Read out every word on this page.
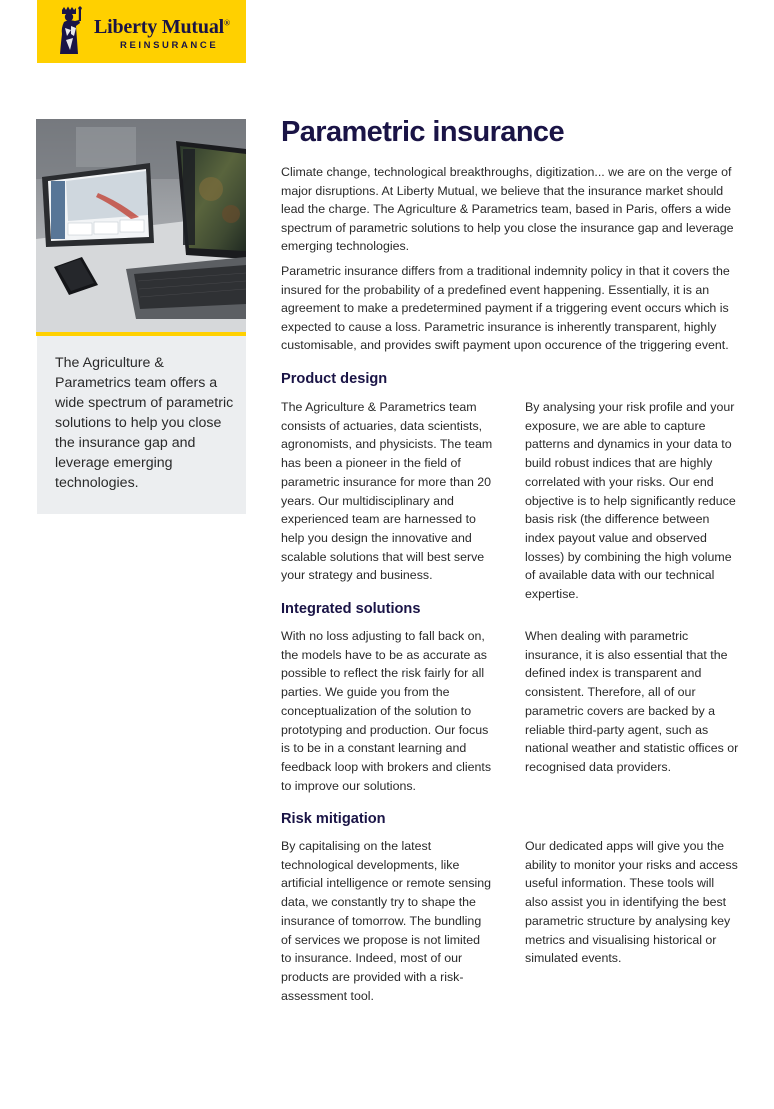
Liberty Mutual®
REINSURANCE

The Agriculture & Parametrics team offers a wide spectrum of parametric solutions to help you close the insurance gap and leverage emerging technologies.

Parametric insurance

Climate change, technological breakthroughs, digitization... we are on the verge of major disruptions. At Liberty Mutual, we believe that the insurance market should lead the charge. The Agriculture & Parametrics team, based in Paris, offers a wide spectrum of parametric solutions to help you close the insurance gap and leverage emerging technologies.

Parametric insurance differs from a traditional indemnity policy in that it covers the insured for the probability of a predefined event happening. Essentially, it is an agreement to make a predetermined payment if a triggering event occurs which is expected to cause a loss. Parametric insurance is inherently transparent, highly customisable, and provides swift payment upon occurence of the triggering event.

Product design

The Agriculture & Parametrics team consists of actuaries, data scientists, agronomists, and physicists. The team has been a pioneer in the field of parametric insurance for more than 20 years. Our multidisciplinary and experienced team are harnessed to help you design the innovative and scalable solutions that will best serve your strategy and business.

By analysing your risk profile and your exposure, we are able to capture patterns and dynamics in your data to build robust indices that are highly correlated with your risks. Our end objective is to help significantly reduce basis risk (the difference between index payout value and observed losses) by combining the high volume of available data with our technical expertise.

Integrated solutions

With no loss adjusting to fall back on, the models have to be as accurate as possible to reflect the risk fairly for all parties. We guide you from the conceptualization of the solution to prototyping and production. Our focus is to be in a constant learning and feedback loop with brokers and clients to improve our solutions.

When dealing with parametric insurance, it is also essential that the defined index is transparent and consistent. Therefore, all of our parametric covers are backed by a reliable third-party agent, such as national weather and statistic offices or recognised data providers.

Risk mitigation

By capitalising on the latest technological developments, like artificial intelligence or remote sensing data, we constantly try to shape the insurance of tomorrow. The bundling of services we propose is not limited to insurance. Indeed, most of our products are provided with a risk-assessment tool.

Our dedicated apps will give you the ability to monitor your risks and access useful information. These tools will also assist you in identifying the best parametric structure by analysing key metrics and visualising historical or simulated events.
